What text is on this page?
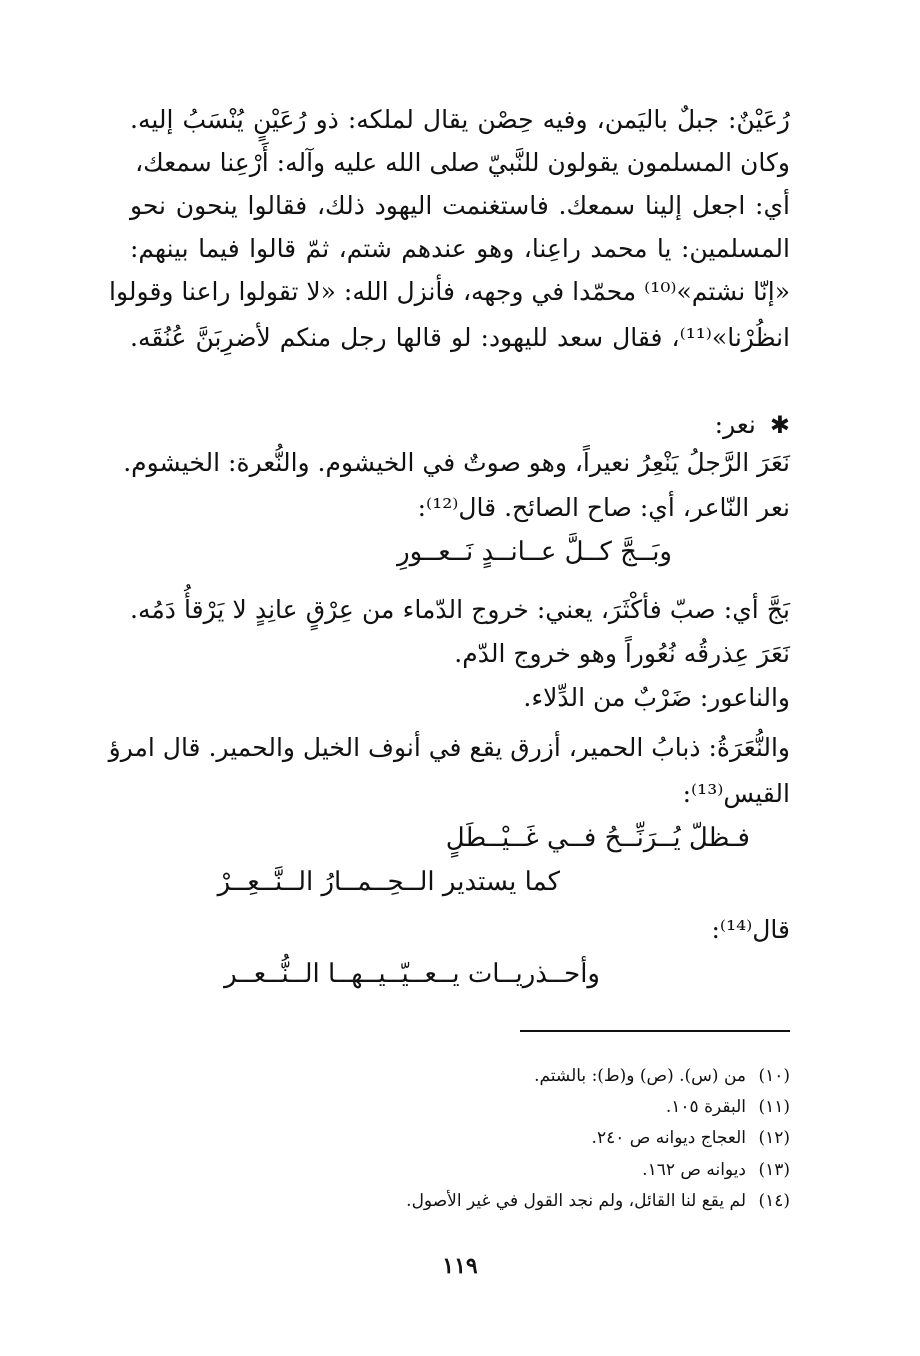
رُعَيْنٌ: جبلٌ باليَمن، وفيه حِصْن يقال لملكه: ذو رُعَيْنٍ يُنْسَبُ إليه.
وكان المسلمون يقولون للنَّبيّ صلى الله عليه وآله: أَرْعِنا سمعك،
أي: اجعل إلينا سمعك. فاستغنمت اليهود ذلك، فقالوا ينحون نحو
المسلمين: يا محمد راعِنا، وهو عندهم شتم، ثمّ قالوا فيما بينهم:
«إنّا نشتم»⁽¹⁰⁾ محمّدا في وجهه، فأنزل الله: «لا تقولوا راعنا وقولوا
انظُرْنا»⁽¹¹⁾، فقال سعد لليهود: لو قالها رجل منكم لأضرِبَنَّ عُنُقَه.
✱نعر:
نَعَرَ الرَّجلُ يَنْعِرُ نعيراً، وهو صوتٌ في الخيشوم. والنُّعرة: الخيشوم.
نعر النّاعر، أي: صاح الصائح. قال⁽¹²⁾:
وبَــجَّ كــلَّ عــانــدٍ نَــعــورِ
بَجَّ أي: صبّ فأكْثَرَ، يعني: خروج الدّماء من عِرْقٍ عانِدٍ لا يَرْقأُ دَمُه.
نَعَرَ عِذرقُه نُعُوراً وهو خروج الدّم.
والناعور: ضَرْبٌ من الدِّلاء.
والنُّعَرَةُ: ذبابُ الحمير، أزرق يقع في أنوف الخيل والحمير. قال امرؤ
القيس⁽¹³⁾:
فـظلّ يُــرَنِّــحُ فــي غَــيْــطَلٍ
كما يستدير الــحِــمــارُ الــنَّــعِــرْ
قال⁽¹⁴⁾:
وأحــذريــات يــعــيّــيــهــا الــنُّــعــر
(١٠)من (س). (ص) و(ط): بالشتم.
(١١)البقرة ١٠٥.
(١٢)العجاج ديوانه ص ٢٤٠.
(١٣)ديوانه ص ١٦٢.
(١٤)لم يقع لنا القائل، ولم نجد القول في غير الأصول.
١١٩
